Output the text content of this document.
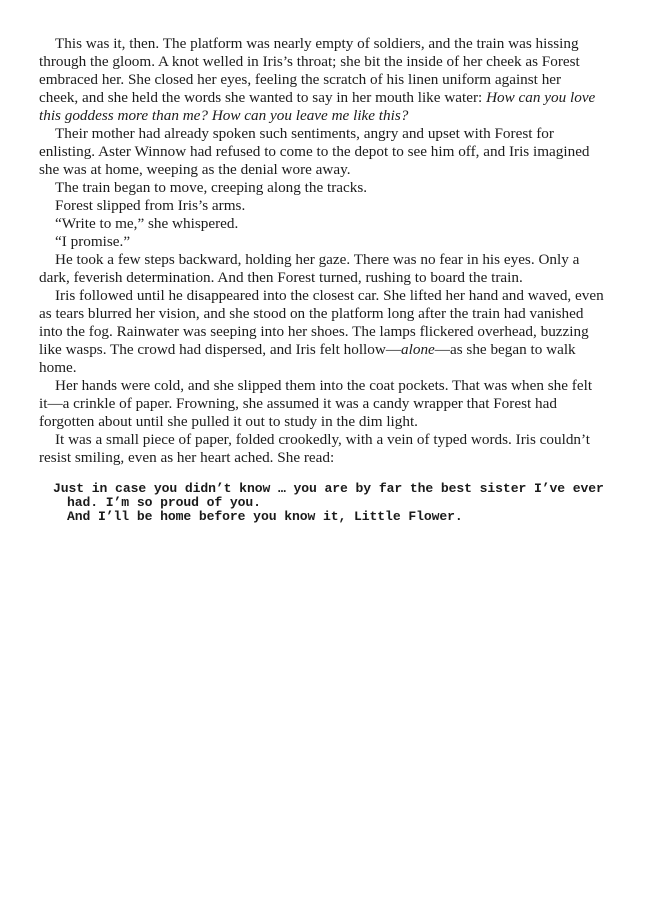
This was it, then. The platform was nearly empty of soldiers, and the train was hissing through the gloom. A knot welled in Iris’s throat; she bit the inside of her cheek as Forest embraced her. She closed her eyes, feeling the scratch of his linen uniform against her cheek, and she held the words she wanted to say in her mouth like water: How can you love this goddess more than me? How can you leave me like this?

Their mother had already spoken such sentiments, angry and upset with Forest for enlisting. Aster Winnow had refused to come to the depot to see him off, and Iris imagined she was at home, weeping as the denial wore away.

The train began to move, creeping along the tracks.

Forest slipped from Iris’s arms.

“Write to me,” she whispered.

“I promise.”

He took a few steps backward, holding her gaze. There was no fear in his eyes. Only a dark, feverish determination. And then Forest turned, rushing to board the train.

Iris followed until he disappeared into the closest car. She lifted her hand and waved, even as tears blurred her vision, and she stood on the platform long after the train had vanished into the fog. Rainwater was seeping into her shoes. The lamps flickered overhead, buzzing like wasps. The crowd had dispersed, and Iris felt hollow—alone—as she began to walk home.

Her hands were cold, and she slipped them into the coat pockets. That was when she felt it—a crinkle of paper. Frowning, she assumed it was a candy wrapper that Forest had forgotten about until she pulled it out to study in the dim light.

It was a small piece of paper, folded crookedly, with a vein of typed words. Iris couldn’t resist smiling, even as her heart ached. She read:

Just in case you didn’t know … you are by far the best sister I’ve ever had. I’m so proud of you.

And I’ll be home before you know it, Little Flower.
